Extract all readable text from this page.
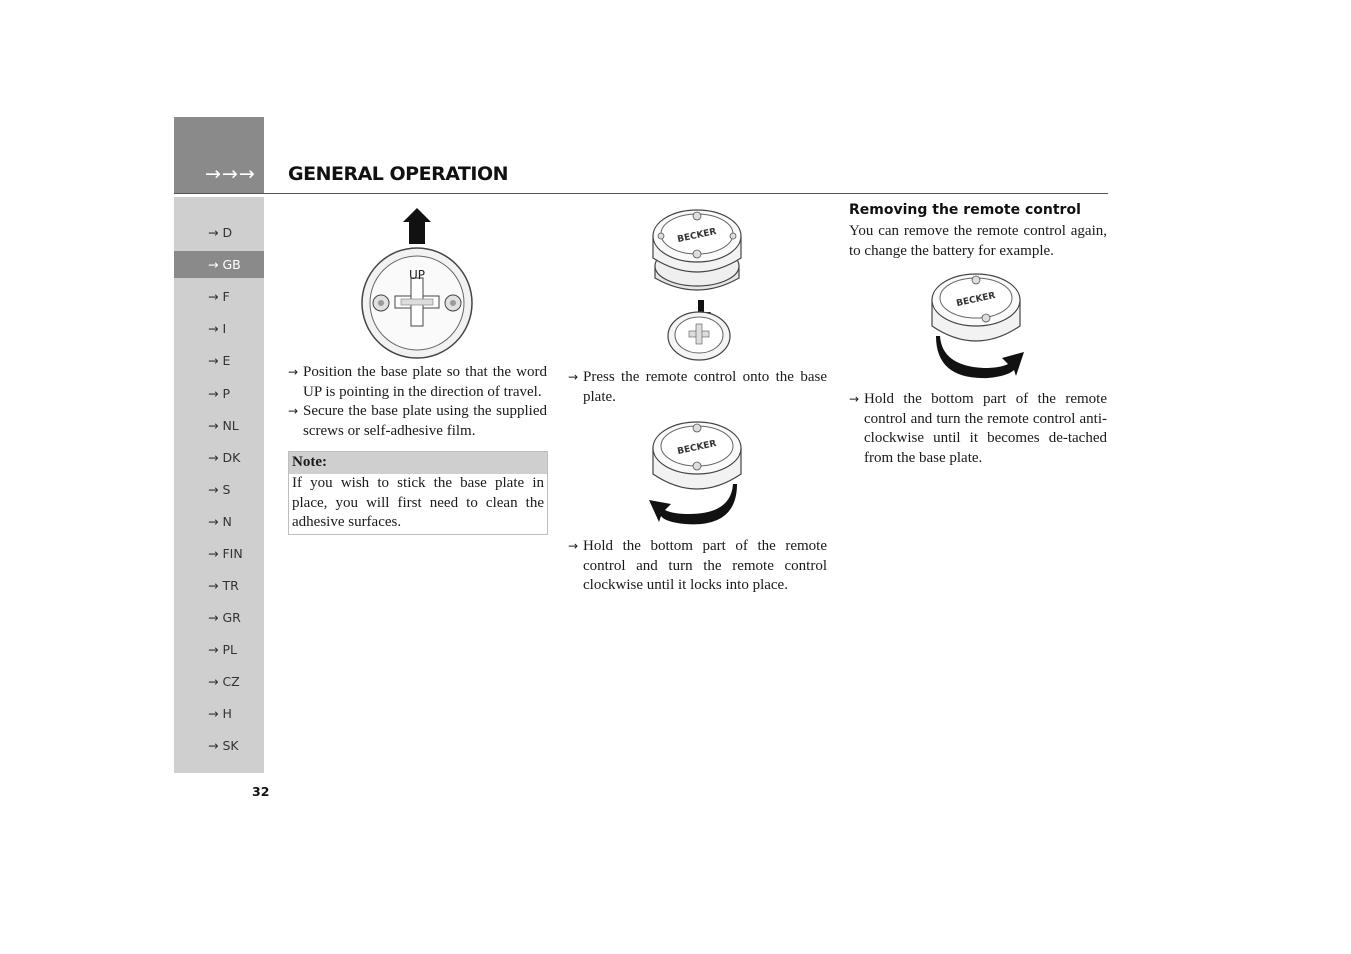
→→→ GENERAL OPERATION
→ D
→ GB
→ F
→ I
→ E
→ P
→ NL
→ DK
→ S
→ N
→ FIN
→ TR
→ GR
→ PL
→ CZ
→ H
→ SK
32
UP
→ Position the base plate so that the word UP is pointing in the direction of travel.
→ Secure the base plate using the supplied screws or self-adhesive film.
Note:
If you wish to stick the base plate in place, you will first need to clean the adhesive surfaces.
BECKER
→ Press the remote control onto the base plate.
BECKER
→ Hold the bottom part of the remote control and turn the remote control clockwise until it locks into place.
Removing the remote control

You can remove the remote control again, to change the battery for example.

BECKER
→ Hold the bottom part of the remote control and turn the remote control anti-clockwise until it becomes de-tached from the base plate.
